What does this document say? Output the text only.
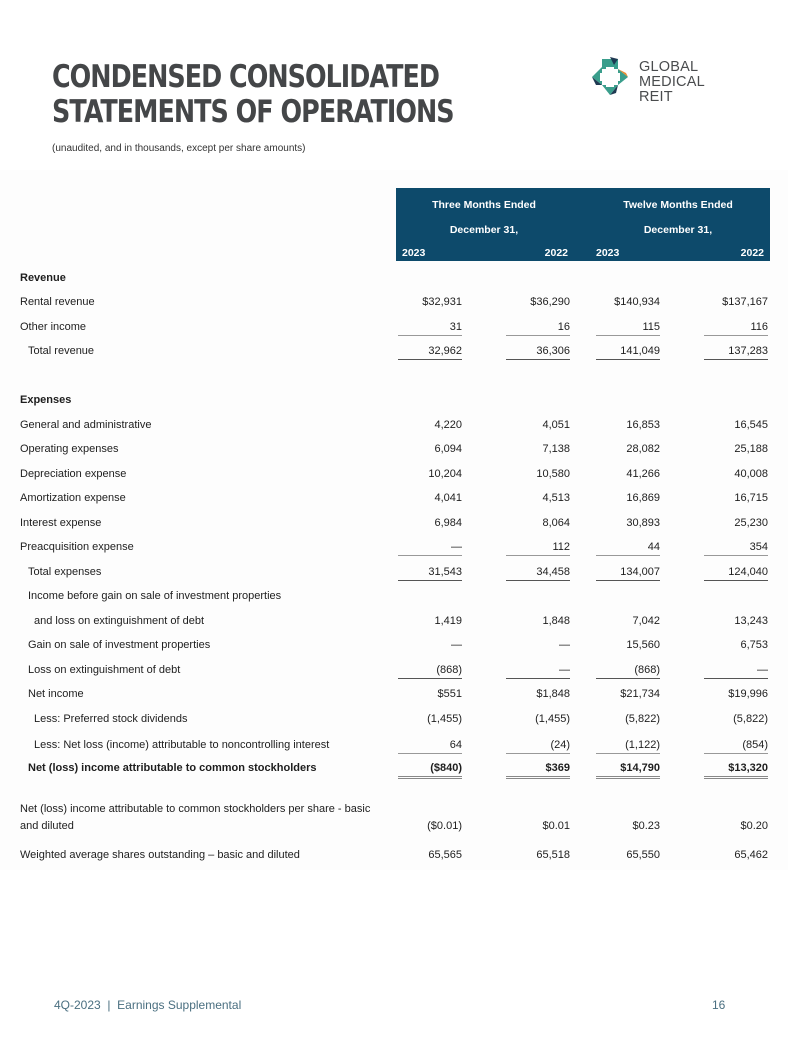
CONDENSED CONSOLIDATED
STATEMENTS OF OPERATIONS
(unaudited, and in thousands, except per share amounts)
GLOBAL
MEDICAL REIT
Three Months Ended
December 31,
Twelve Months Ended
December 31,
2023	2022	2023	2022
Revenue
Rental revenue	$32,931	$36,290	$140,934	$137,167
Other income	31	16	115	116
Total revenue	32,962	36,306	141,049	137,283
Expenses
General and administrative	4,220	4,051	16,853	16,545
Operating expenses	6,094	7,138	28,082	25,188
Depreciation expense	10,204	10,580	41,266	40,008
Amortization expense	4,041	4,513	16,869	16,715
Interest expense	6,984	8,064	30,893	25,230
Preacquisition expense	—	112	44	354
Total expenses	31,543	34,458	134,007	124,040
Income before gain on sale of investment properties
and loss on extinguishment of debt	1,419	1,848	7,042	13,243
Gain on sale of investment properties	—	—	15,560	6,753
Loss on extinguishment of debt	(868)	—	(868)	—
Net income	$551	$1,848	$21,734	$19,996
Less: Preferred stock dividends	(1,455)	(1,455)	(5,822)	(5,822)
Less: Net loss (income) attributable to noncontrolling interest	64	(24)	(1,122)	(854)
Net (loss) income attributable to common stockholders	($840)	$369	$14,790	$13,320
Net (loss) income attributable to common stockholders per share - basic
and diluted	($0.01)	$0.01	$0.23	$0.20
Weighted average shares outstanding – basic and diluted	65,565	65,518	65,550	65,462
4Q-2023  |  Earnings Supplemental	16
